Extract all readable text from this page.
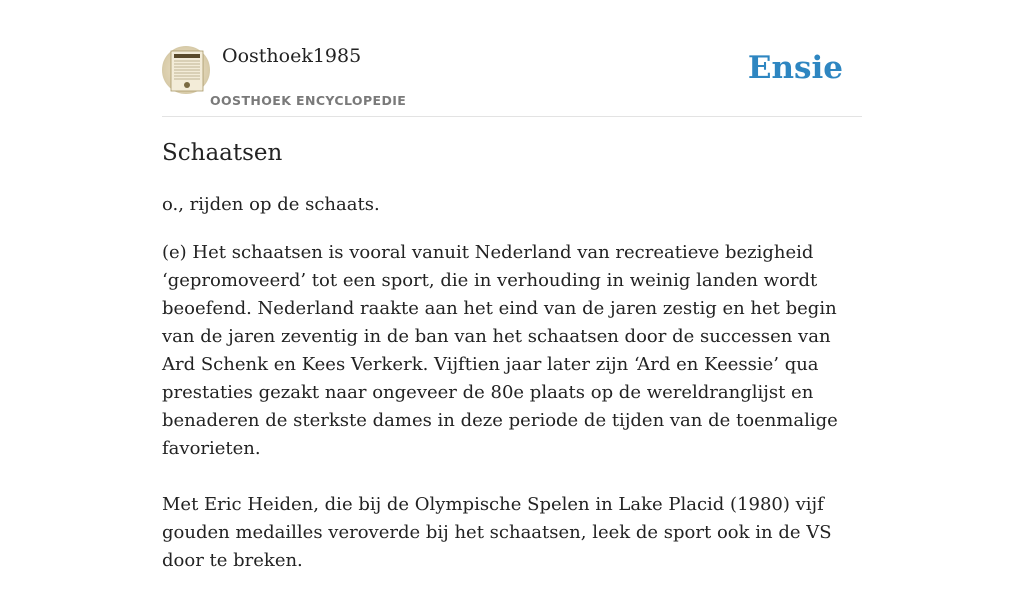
Oosthoek1985
OOSTHOEK ENCYCLOPEDIE
Ensie
Schaatsen

o., rijden op de schaats.

(e) Het schaatsen is vooral vanuit Nederland van recreatieve bezigheid ‘gepromoveerd’ tot een sport, die in verhouding in weinig landen wordt beoefend. Nederland raakte aan het eind van de jaren zestig en het begin van de jaren zeventig in de ban van het schaatsen door de successen van Ard Schenk en Kees Verkerk. Vijftien jaar later zijn ‘Ard en Keessie’ qua prestaties gezakt naar ongeveer de 80e plaats op de wereldranglijst en benaderen de sterkste dames in deze periode de tijden van de toenmalige favorieten.

Met Eric Heiden, die bij de Olympische Spelen in Lake Placid (1980) vijf gouden medailles veroverde bij het schaatsen, leek de sport ook in de VS door te breken.
